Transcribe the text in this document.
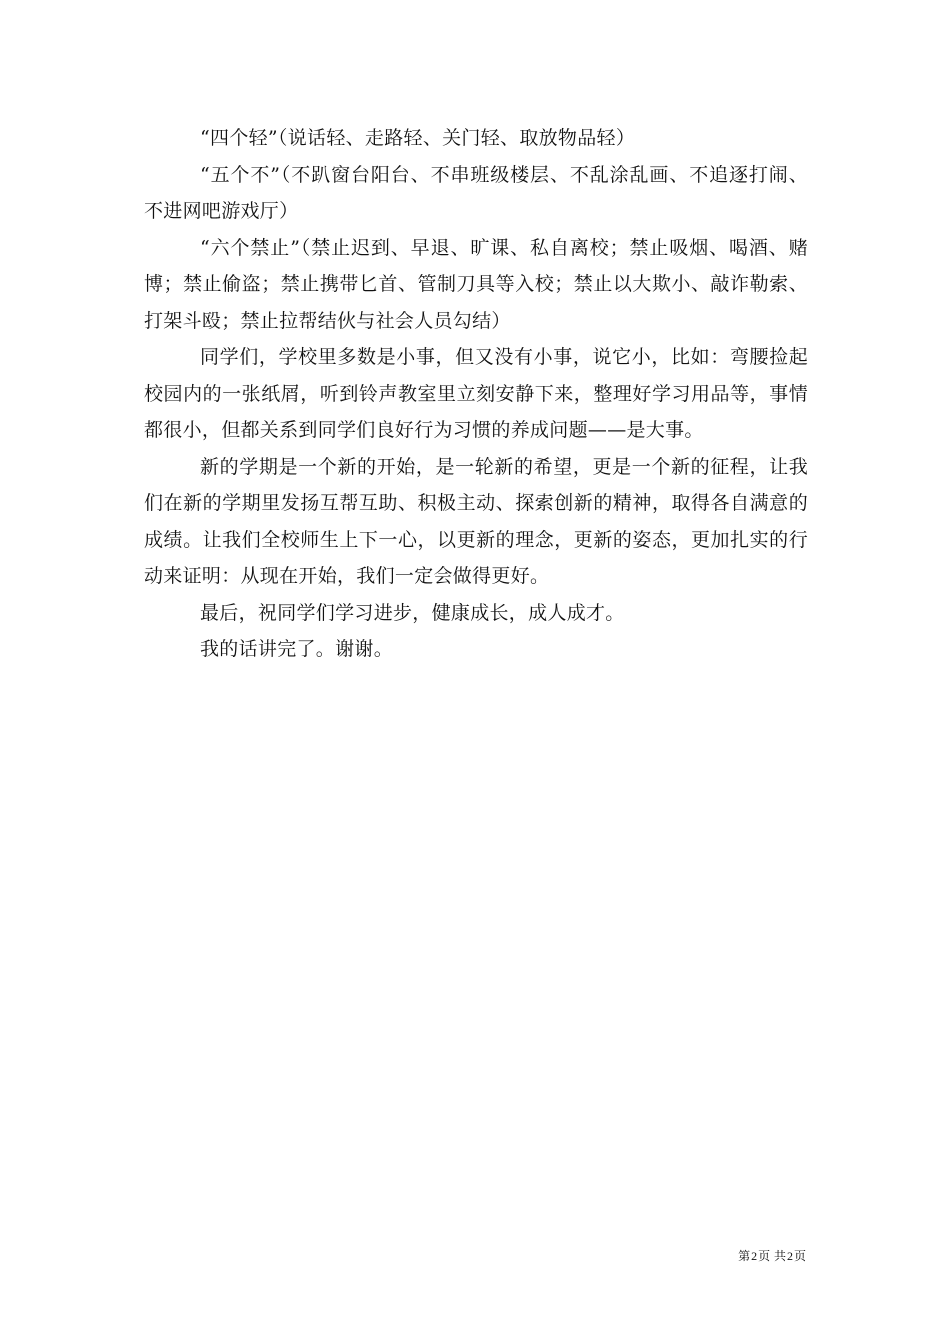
“四个轻”（说话轻、走路轻、关门轻、取放物品轻）

“五个不”（不趴窗台阳台、不串班级楼层、不乱涂乱画、不追逐打闹、不进网吧游戏厅）

“六个禁止”（禁止迟到、早退、旷课、私自离校；禁止吸烟、喝酒、赌博；禁止偷盗；禁止携带匕首、管制刀具等入校；禁止以大欺小、敲诈勒索、打架斗殴；禁止拉帮结伙与社会人员勾结）

同学们，学校里多数是小事，但又没有小事，说它小，比如：弯腰捡起校园内的一张纸屑，听到铃声教室里立刻安静下来，整理好学习用品等，事情都很小，但都关系到同学们良好行为习惯的养成问题——是大事。

新的学期是一个新的开始，是一轮新的希望，更是一个新的征程，让我们在新的学期里发扬互帮互助、积极主动、探索创新的精神，取得各自满意的成绩。让我们全校师生上下一心，以更新的理念，更新的姿态，更加扎实的行动来证明：从现在开始，我们一定会做得更好。

最后，祝同学们学习进步，健康成长，成人成才。

我的话讲完了。谢谢。

第2页 共2页
